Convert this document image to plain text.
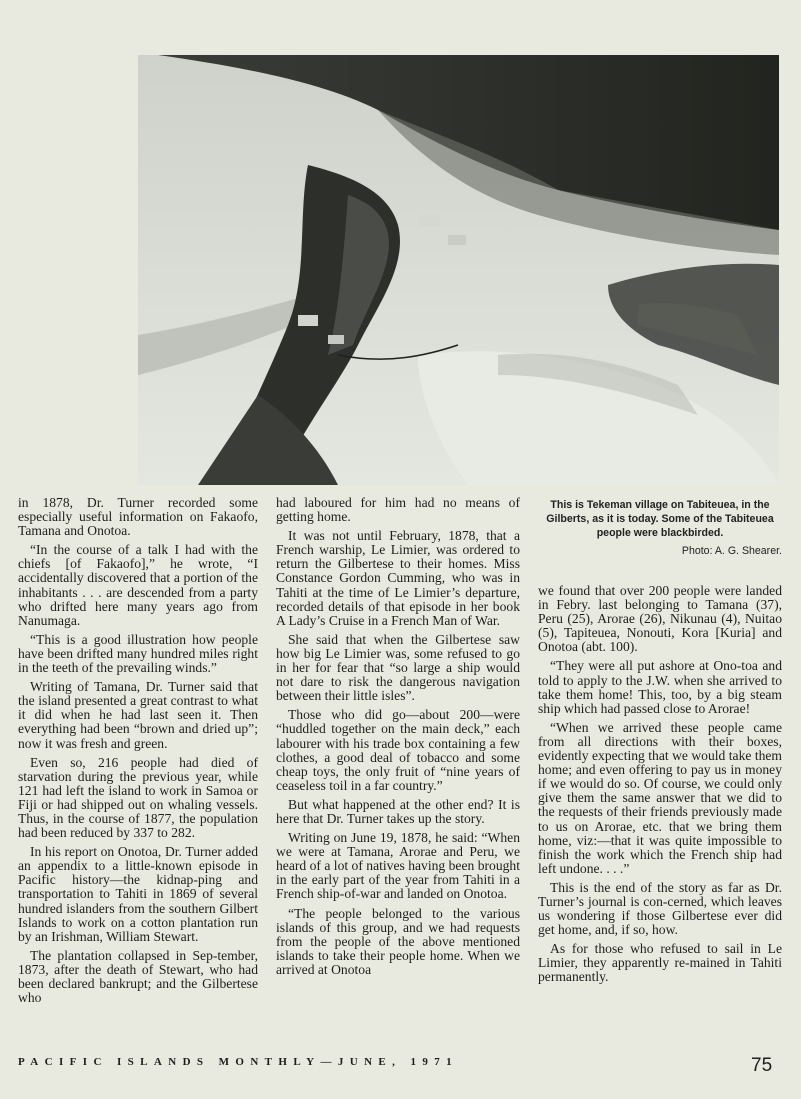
in 1878, Dr. Turner recorded some especially useful information on Fakaofo, Tamana and Onotoa.

“In the course of a talk I had with the chiefs [of Fakaofo],” he wrote, “I accidentally discovered that a portion of the inhabitants . . . are descended from a party who drifted here many years ago from Nanumaga.

“This is a good illustration how people have been drifted many hundred miles right in the teeth of the prevailing winds.”

Writing of Tamana, Dr. Turner said that the island presented a great contrast to what it did when he had last seen it. Then everything had been “brown and dried up”; now it was fresh and green.

Even so, 216 people had died of starvation during the previous year, while 121 had left the island to work in Samoa or Fiji or had shipped out on whaling vessels. Thus, in the course of 1877, the population had been reduced by 337 to 282.

In his report on Onotoa, Dr. Turner added an appendix to a little-known episode in Pacific history—the kidnap-ping and transportation to Tahiti in 1869 of several hundred islanders from the southern Gilbert Islands to work on a cotton plantation run by an Irishman, William Stewart.

The plantation collapsed in Sep-tember, 1873, after the death of Stewart, who had been declared bankrupt; and the Gilbertese who

had laboured for him had no means of getting home.

It was not until February, 1878, that a French warship, Le Limier, was ordered to return the Gilbertese to their homes. Miss Constance Gordon Cumming, who was in Tahiti at the time of Le Limier’s departure, recorded details of that episode in her book A Lady’s Cruise in a French Man of War.

She said that when the Gilbertese saw how big Le Limier was, some refused to go in her for fear that “so large a ship would not dare to risk the dangerous navigation between their little isles”.

Those who did go—about 200—were “huddled together on the main deck,” each labourer with his trade box containing a few clothes, a good deal of tobacco and some cheap toys, the only fruit of “nine years of ceaseless toil in a far country.”

But what happened at the other end? It is here that Dr. Turner takes up the story.

Writing on June 19, 1878, he said: “When we were at Tamana, Arorae and Peru, we heard of a lot of natives having been brought in the early part of the year from Tahiti in a French ship-of-war and landed on Onotoa.

“The people belonged to the various islands of this group, and we had requests from the people of the above mentioned islands to take their people home. When we arrived at Onotoa

This is Tekeman village on Tabiteuea, in the Gilberts, as it is today. Some of the Tabiteuea people were blackbirded.
Photo: A. G. Shearer.

we found that over 200 people were landed in Febry. last belonging to Tamana (37), Peru (25), Arorae (26), Nikunau (4), Nuitao (5), Tapiteuea, Nonouti, Kora [Kuria] and Onotoa (abt. 100).

“They were all put ashore at Ono-toa and told to apply to the J.W. when she arrived to take them home! This, too, by a big steam ship which had passed close to Arorae!

“When we arrived these people came from all directions with their boxes, evidently expecting that we would take them home; and even offering to pay us in money if we would do so. Of course, we could only give them the same answer that we did to the requests of their friends previously made to us on Arorae, etc. that we bring them home, viz:—that it was quite impossible to finish the work which the French ship had left undone. . . .”

This is the end of the story as far as Dr. Turner’s journal is con-cerned, which leaves us wondering if those Gilbertese ever did get home, and, if so, how.

As for those who refused to sail in Le Limier, they apparently re-mained in Tahiti permanently.

PACIFIC ISLANDS MONTHLY—JUNE, 1971	75
